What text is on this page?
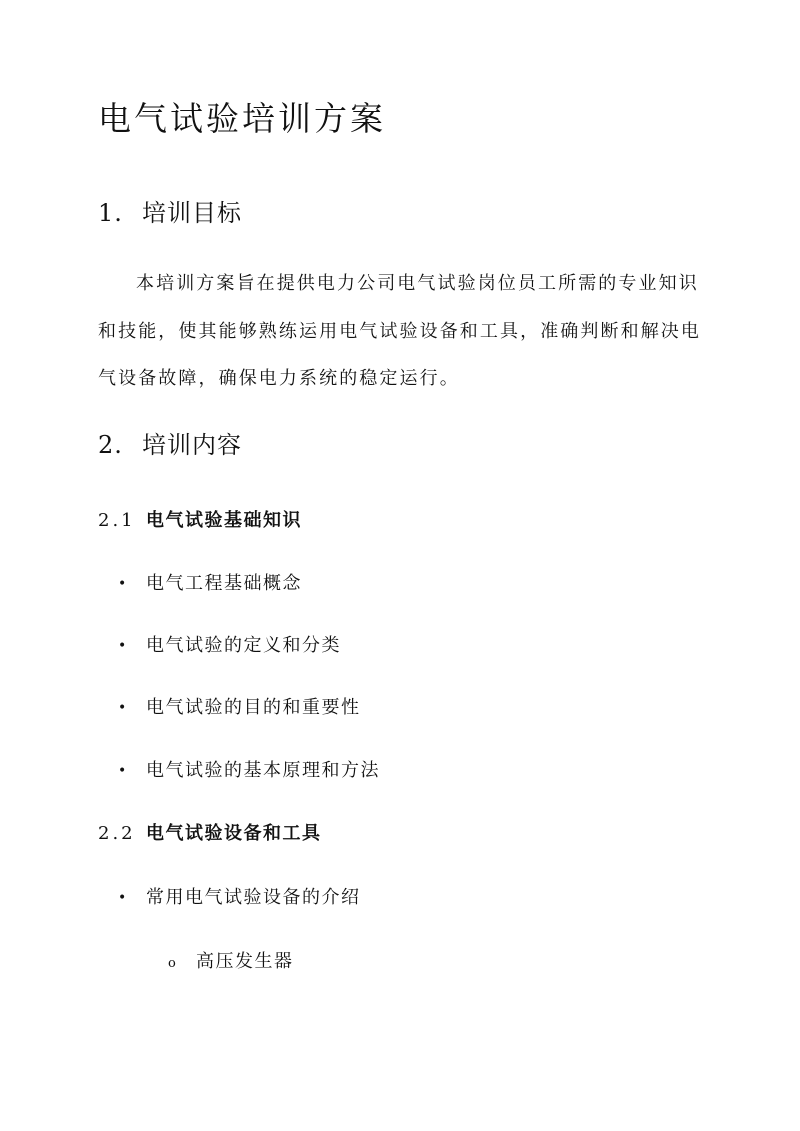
电气试验培训方案
1. 培训目标

本培训方案旨在提供电力公司电气试验岗位员工所需的专业知识和技能，使其能够熟练运用电气试验设备和工具，准确判断和解决电气设备故障，确保电力系统的稳定运行。

2. 培训内容
2.1 电气试验基础知识
• 电气工程基础概念
• 电气试验的定义和分类
• 电气试验的目的和重要性
• 电气试验的基本原理和方法
2.2 电气试验设备和工具
• 常用电气试验设备的介绍
o 高压发生器
